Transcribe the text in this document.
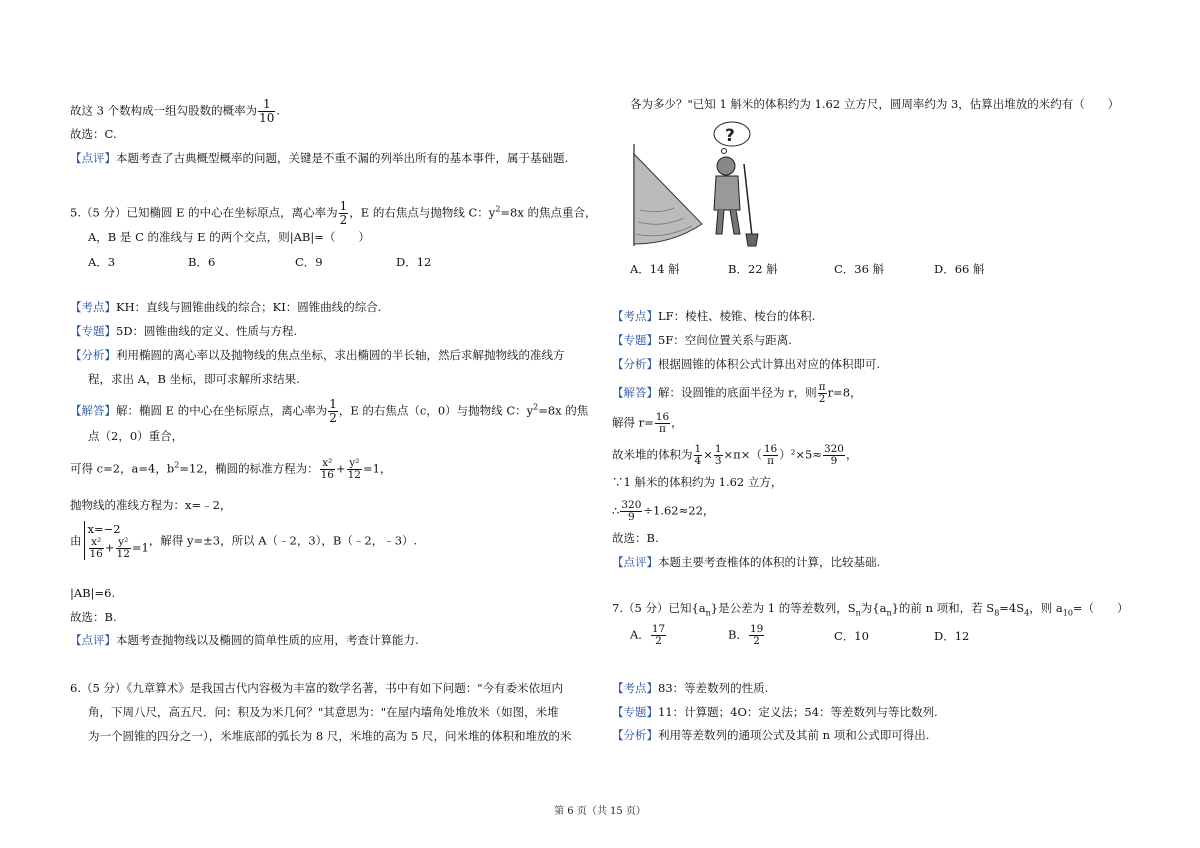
故这 3 个数构成一组勾股数的概率为 $\frac{1}{10}$ .
故选：C.
【点评】本题考查了古典概型概率的问题，关键是不重不漏的列举出所有的基本事件，属于基础题.
5.（5 分）已知椭圆 E 的中心在坐标原点，离心率为 $\frac{1}{2}$ ，E 的右焦点与抛物线 C：$y^2=8x$ 的焦点重合，
A，B 是 C 的准线与 E 的两个交点，则|AB|=（　　）
A．3	B．6	C．9	D．12
【考点】KH：直线与圆锥曲线的综合；KI：圆锥曲线的综合.
【专题】5D：圆锥曲线的定义、性质与方程.
【分析】利用椭圆的离心率以及抛物线的焦点坐标，求出椭圆的半长轴，然后求解抛物线的准线方
程，求出 A，B 坐标，即可求解所求结果.
【解答】解：椭圆 E 的中心在坐标原点，离心率为 $\frac{1}{2}$ ，E 的右焦点（c，0）与抛物线 C：$y^2=8x$ 的焦
点（2，0）重合，
可得 c=2，a=4，$b^2=12$，椭圆的标准方程为： $\frac{\text{x²}}{16} + \frac{\text{y²}}{12} =1$，
抛物线的准线方程为：x=﹣2，
由
x=−2
$\frac{\text{x²}}{16} + \frac{\text{y²}}{12} =1$ ，解得 y=±3，所以 A（﹣2，3），B（﹣2，﹣3）.
|AB|=6.
故选：B.
【点评】本题考查抛物线以及椭圆的简单性质的应用，考查计算能力.
6.（5 分）《九章算术》是我国古代内容极为丰富的数学名著，书中有如下问题："今有委米依垣内
角，下周八尺，高五尺．问：积及为米几何？"其意思为："在屋内墙角处堆放米（如图，米堆
为一个圆锥的四分之一），米堆底部的弧长为 8 尺，米堆的高为 5 尺，问米堆的体积和堆放的米
各为多少？"已知 1 斛米的体积约为 1.62 立方尺，圆周率约为 3，估算出堆放的米约有（　　）
?
A．14 斛	B．22 斛	C．36 斛	D．66 斛
【考点】LF：棱柱、棱锥、棱台的体积.
【专题】5F：空间位置关系与距离.
【分析】根据圆锥的体积公式计算出对应的体积即可.
【解答】解：设圆锥的底面半径为 r，则 $\frac{\pi}{2} r=8$，
解得 $r= \frac{16}{\pi}$ ，
故米堆的体积为 $\frac{1}{4} \times \frac{1}{3} \times\pi\times( \frac{16}{\pi} )^2\times 5\approx \frac{320}{9}$ ，
∵1 斛米的体积约为 1.62 立方，
∴ $\frac{320}{9} \div 1.62\approx 22$，
故选：B.
【点评】本题主要考查椎体的体积的计算，比较基础.
7.（5 分）已知$\{a_n\}$是公差为 1 的等差数列，$S_n$为$\{a_n\}$的前 n 项和，若 $S_8=4S_4$，则 $a_{10}=$（　　）
A． $\frac{17}{2}$	B． $\frac{19}{2}$	C．10	D．12
【考点】83：等差数列的性质.
【专题】11：计算题；4O：定义法；54：等差数列与等比数列.
【分析】利用等差数列的通项公式及其前 n 项和公式即可得出.
第 6 页（共 15 页）
